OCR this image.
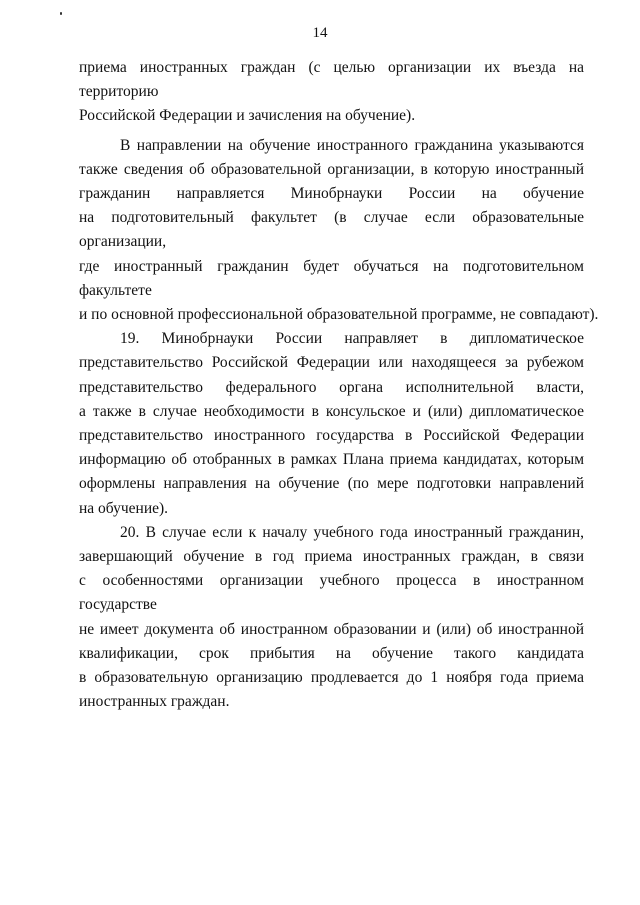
14

приема иностранных граждан (с целью организации их въезда на территорию
Российской Федерации и зачисления на обучение).

В направлении на обучение иностранного гражданина указываются
также сведения об образовательной организации, в которую иностранный
гражданин направляется Минобрнауки России на обучение
на подготовительный факультет (в случае если образовательные организации,
где иностранный гражданин будет обучаться на подготовительном факультете
и по основной профессиональной образовательной программе, не совпадают).

19. Минобрнауки России направляет в дипломатическое
представительство Российской Федерации или находящееся за рубежом
представительство федерального органа исполнительной власти,
а также в случае необходимости в консульское и (или) дипломатическое
представительство иностранного государства в Российской Федерации
информацию об отобранных в рамках Плана приема кандидатах, которым
оформлены направления на обучение (по мере подготовки направлений
на обучение).

20. В случае если к началу учебного года иностранный гражданин,
завершающий обучение в год приема иностранных граждан, в связи
с особенностями организации учебного процесса в иностранном государстве
не имеет документа об иностранном образовании и (или) об иностранной
квалификации, срок прибытия на обучение такого кандидата
в образовательную организацию продлевается до 1 ноября года приема
иностранных граждан.
